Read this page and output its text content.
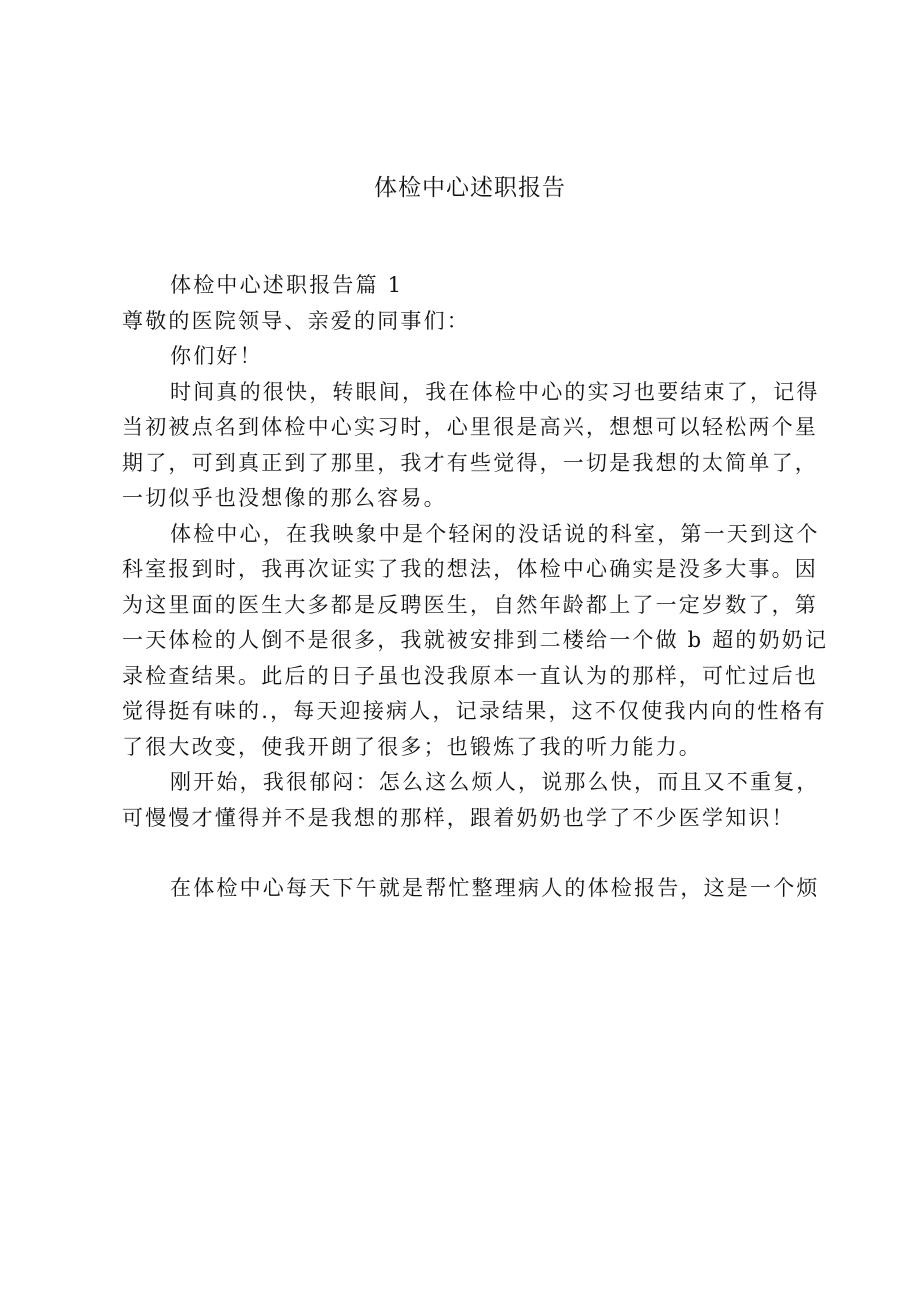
体检中心述职报告
体检中心述职报告篇 1
尊敬的医院领导、亲爱的同事们：
你们好！
时间真的很快，转眼间，我在体检中心的实习也要结束了，记得
当初被点名到体检中心实习时，心里很是高兴，想想可以轻松两个星
期了，可到真正到了那里，我才有些觉得，一切是我想的太简单了，
一切似乎也没想像的那么容易。
体检中心，在我映象中是个轻闲的没话说的科室，第一天到这个
科室报到时，我再次证实了我的想法，体检中心确实是没多大事。因
为这里面的医生大多都是反聘医生，自然年龄都上了一定岁数了，第
一天体检的人倒不是很多，我就被安排到二楼给一个做 b 超的奶奶记
录检查结果。此后的日子虽也没我原本一直认为的那样，可忙过后也
觉得挺有味的.，每天迎接病人，记录结果，这不仅使我内向的性格有
了很大改变，使我开朗了很多；也锻炼了我的听力能力。
刚开始，我很郁闷：怎么这么烦人，说那么快，而且又不重复，
可慢慢才懂得并不是我想的那样，跟着奶奶也学了不少医学知识！
在体检中心每天下午就是帮忙整理病人的体检报告，这是一个烦
